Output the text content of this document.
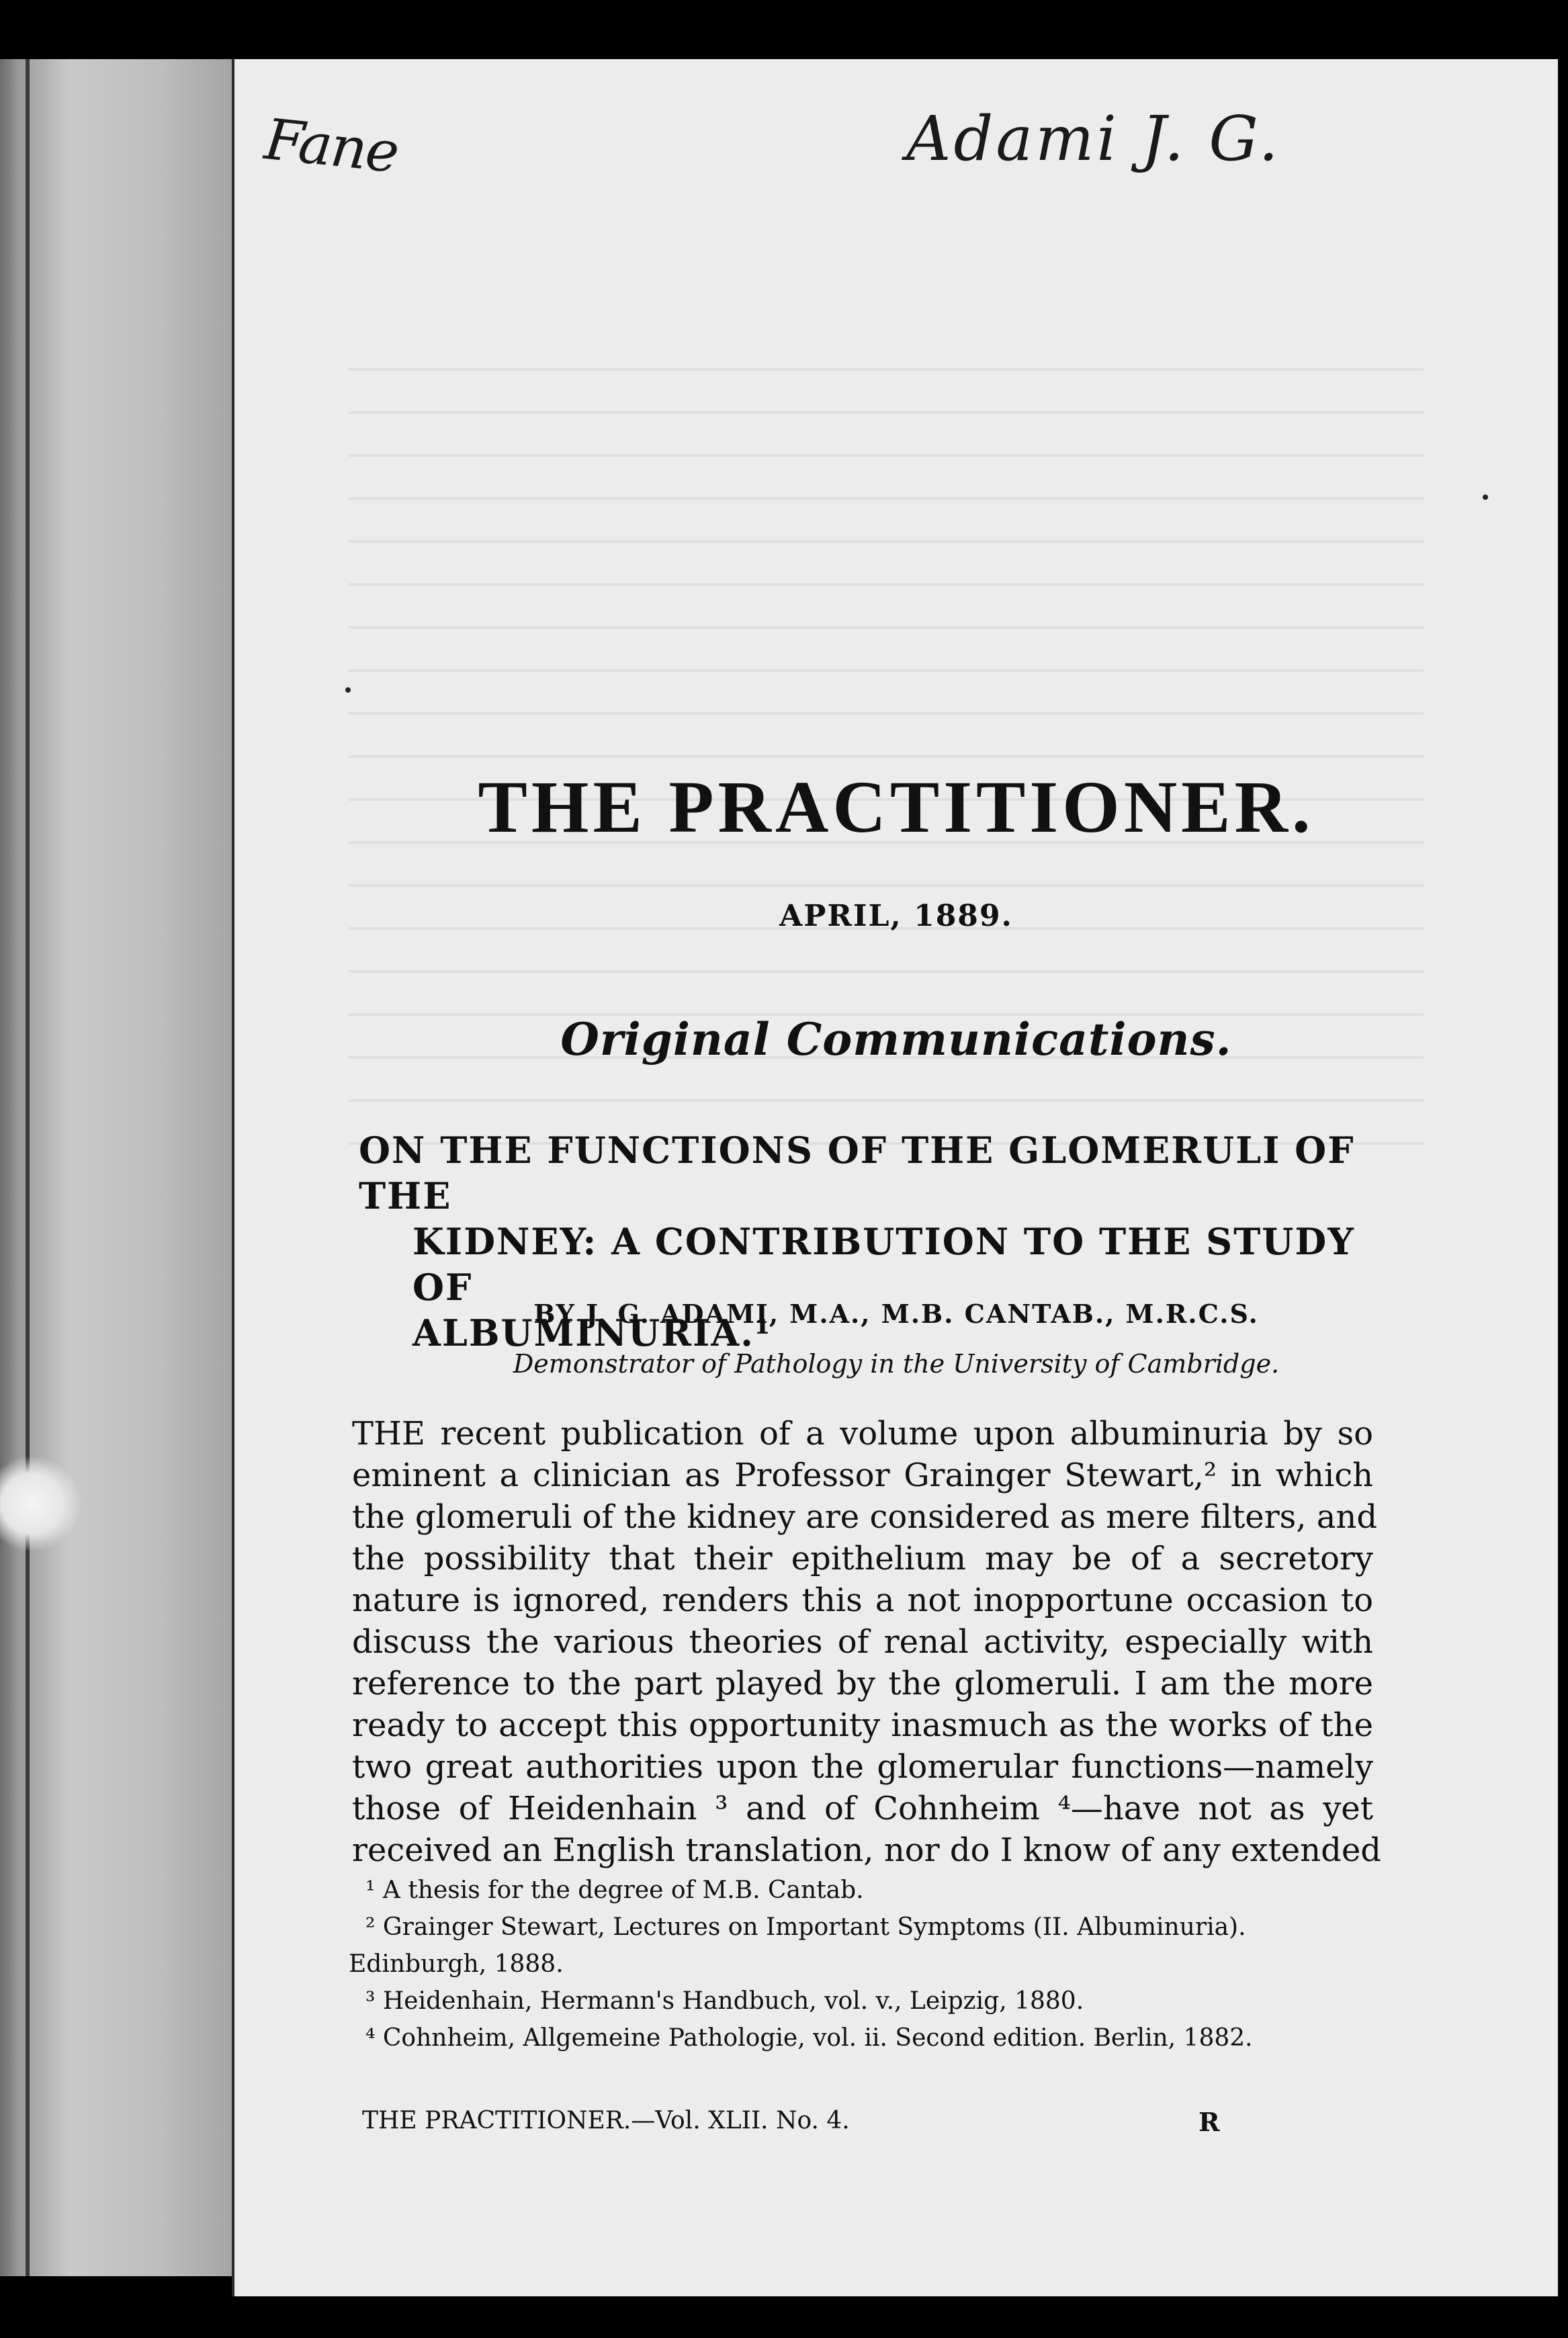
Fane	Adami J. G.
THE PRACTITIONER.
APRIL, 1889.
Original Communications.
ON THE FUNCTIONS OF THE GLOMERULI OF THE
KIDNEY: A CONTRIBUTION TO THE STUDY OF
ALBUMINURIA.¹
BY J. G. ADAMI, M.A., M.B. CANTAB., M.R.C.S.
Demonstrator of Pathology in the University of Cambridge.
THE recent publication of a volume upon albuminuria by so
eminent a clinician as Professor Grainger Stewart,² in which
the glomeruli of the kidney are considered as mere filters, and
the possibility that their epithelium may be of a secretory
nature is ignored, renders this a not inopportune occasion to
discuss the various theories of renal activity, especially with
reference to the part played by the glomeruli. I am the more
ready to accept this opportunity inasmuch as the works of the
two great authorities upon the glomerular functions—namely
those of Heidenhain ³ and of Cohnheim ⁴—have not as yet
received an English translation, nor do I know of any extended
¹ A thesis for the degree of M.B. Cantab.
² Grainger Stewart, Lectures on Important Symptoms (II. Albuminuria).
Edinburgh, 1888.
³ Heidenhain, Hermann's Handbuch, vol. v., Leipzig, 1880.
⁴ Cohnheim, Allgemeine Pathologie, vol. ii. Second edition. Berlin, 1882.
THE PRACTITIONER.—Vol. XLII. No. 4.	R
